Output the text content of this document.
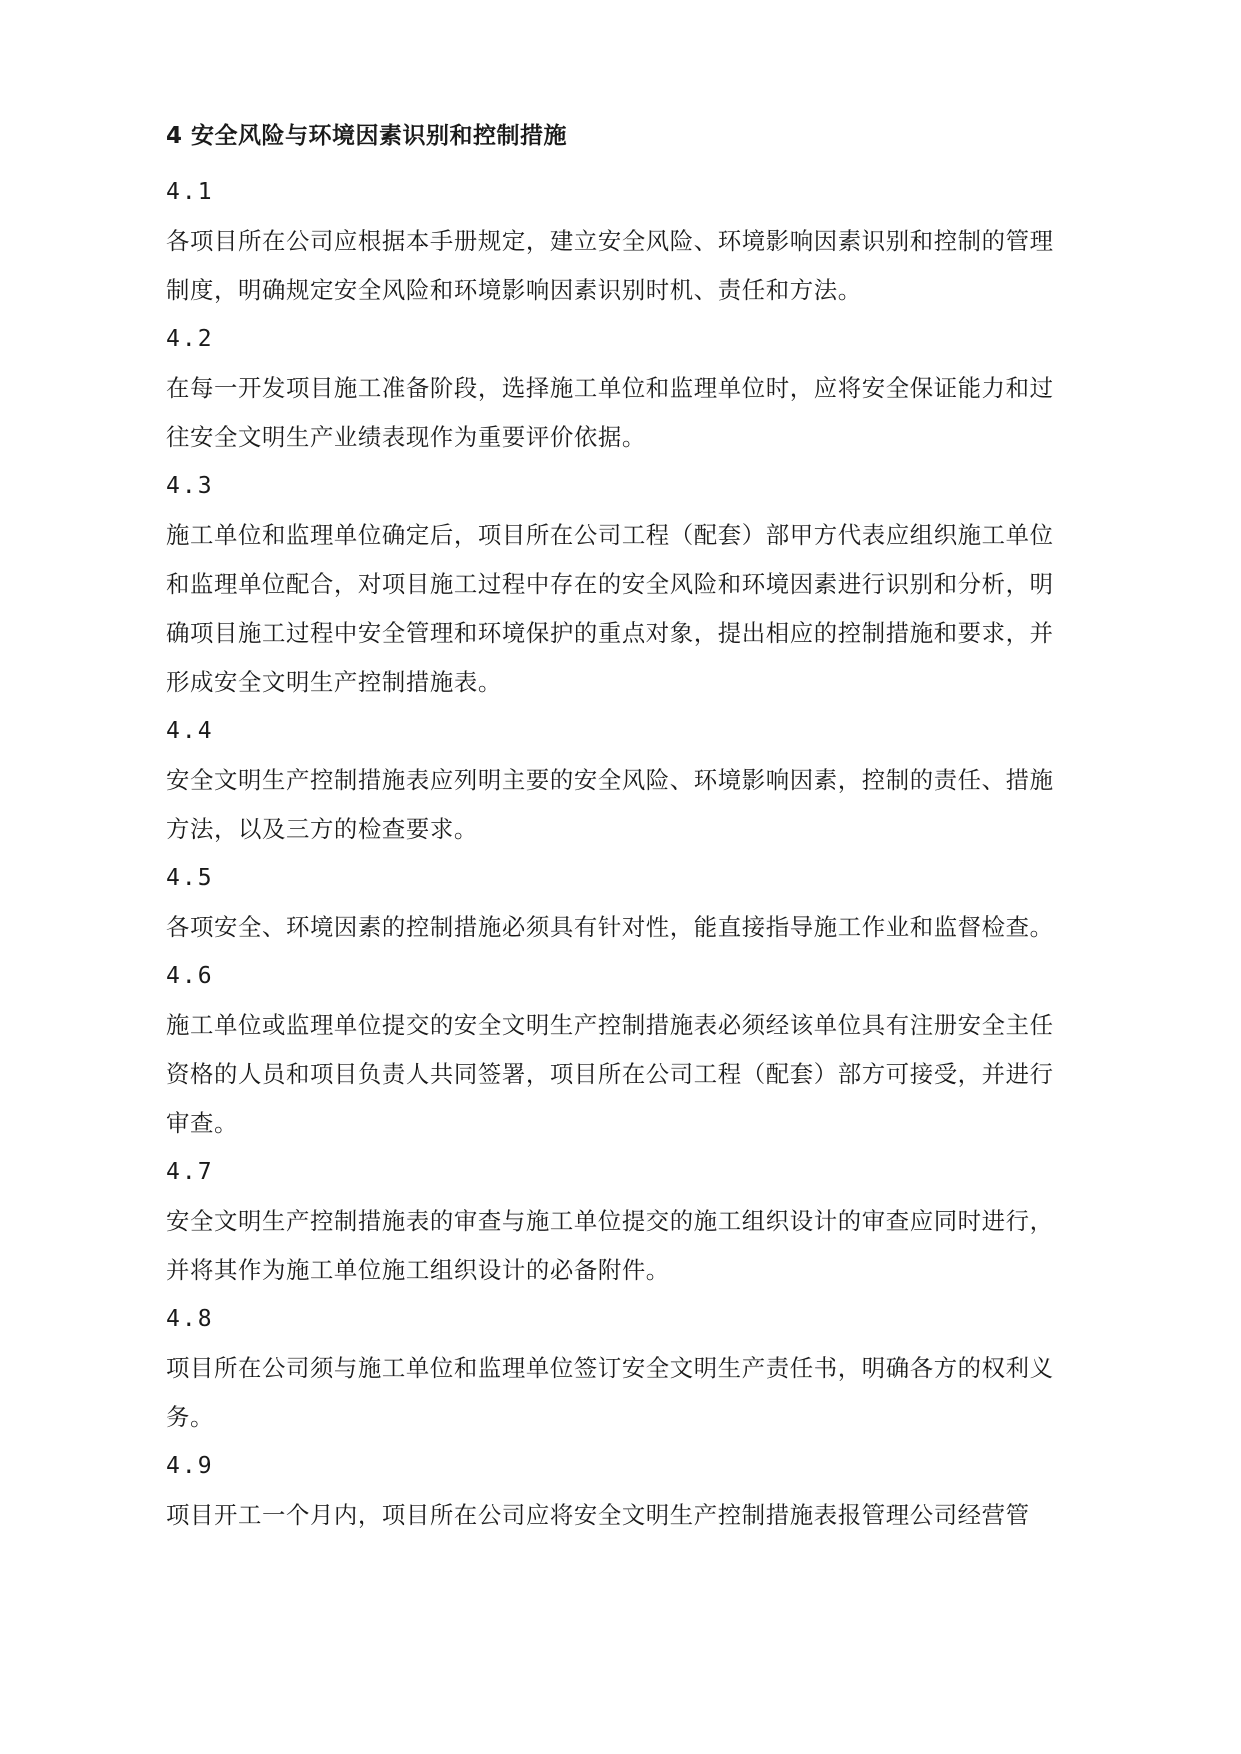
4 安全风险与环境因素识别和控制措施
4.1
各项目所在公司应根据本手册规定，建立安全风险、环境影响因素识别和控制的管理制度，明确规定安全风险和环境影响因素识别时机、责任和方法。
4.2
在每一开发项目施工准备阶段，选择施工单位和监理单位时，应将安全保证能力和过往安全文明生产业绩表现作为重要评价依据。
4.3
施工单位和监理单位确定后，项目所在公司工程（配套）部甲方代表应组织施工单位和监理单位配合，对项目施工过程中存在的安全风险和环境因素进行识别和分析，明确项目施工过程中安全管理和环境保护的重点对象，提出相应的控制措施和要求，并形成安全文明生产控制措施表。
4.4
安全文明生产控制措施表应列明主要的安全风险、环境影响因素，控制的责任、措施方法，以及三方的检查要求。
4.5
各项安全、环境因素的控制措施必须具有针对性，能直接指导施工作业和监督检查。
4.6
施工单位或监理单位提交的安全文明生产控制措施表必须经该单位具有注册安全主任资格的人员和项目负责人共同签署，项目所在公司工程（配套）部方可接受，并进行审查。
4.7
安全文明生产控制措施表的审查与施工单位提交的施工组织设计的审查应同时进行，并将其作为施工单位施工组织设计的必备附件。
4.8
项目所在公司须与施工单位和监理单位签订安全文明生产责任书，明确各方的权利义务。
4.9
项目开工一个月内，项目所在公司应将安全文明生产控制措施表报管理公司经营管
